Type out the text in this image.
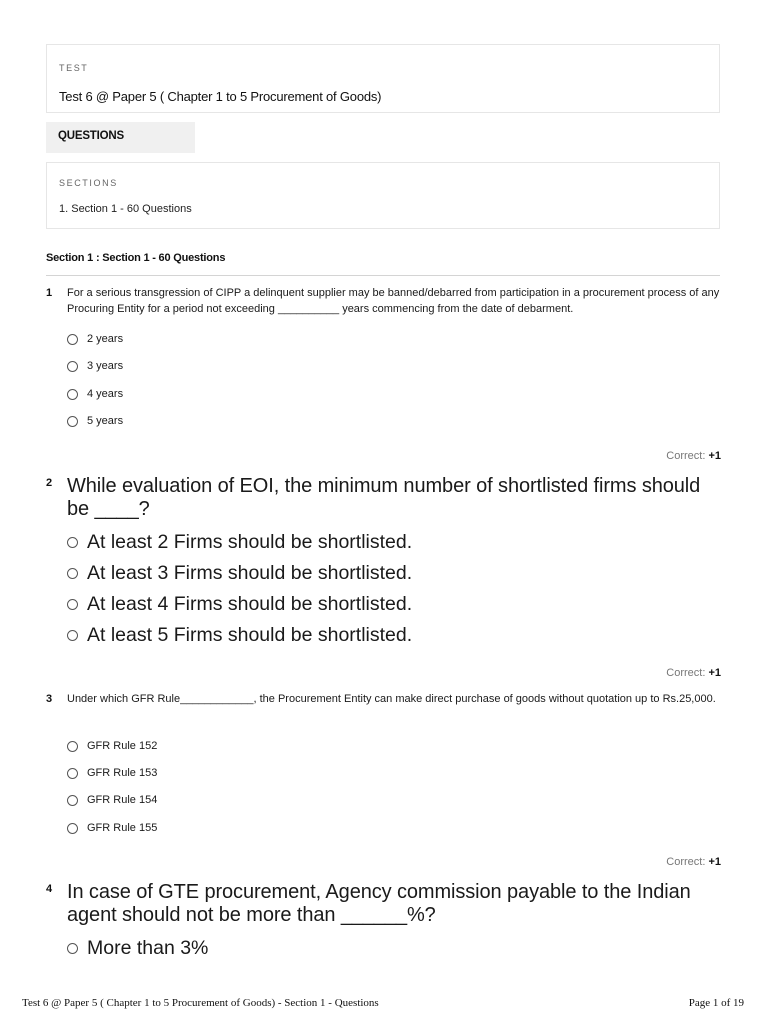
TEST
Test 6 @ Paper 5 ( Chapter 1 to 5 Procurement of Goods)
QUESTIONS
SECTIONS
1. Section 1 - 60 Questions
Section 1 : Section 1 - 60 Questions
1 For a serious transgression of CIPP a delinquent supplier may be banned/debarred from participation in a procurement process of any Procuring Entity for a period not exceeding __________ years commencing from the date of debarment.
2 years
3 years
4 years
5 years
Correct: +1
2 While evaluation of EOI, the minimum number of shortlisted firms should be ____?
At least 2 Firms should be shortlisted.
At least 3 Firms should be shortlisted.
At least 4 Firms should be shortlisted.
At least 5 Firms should be shortlisted.
Correct: +1
3 Under which GFR Rule____________, the Procurement Entity can make direct purchase of goods without quotation up to Rs.25,000.
GFR Rule 152
GFR Rule 153
GFR Rule 154
GFR Rule 155
Correct: +1
4 In case of GTE procurement, Agency commission payable to the Indian agent should not be more than ______%?
More than 3%
Test 6 @ Paper 5 ( Chapter 1 to 5 Procurement of Goods) - Section 1 - Questions	Page 1 of 19
